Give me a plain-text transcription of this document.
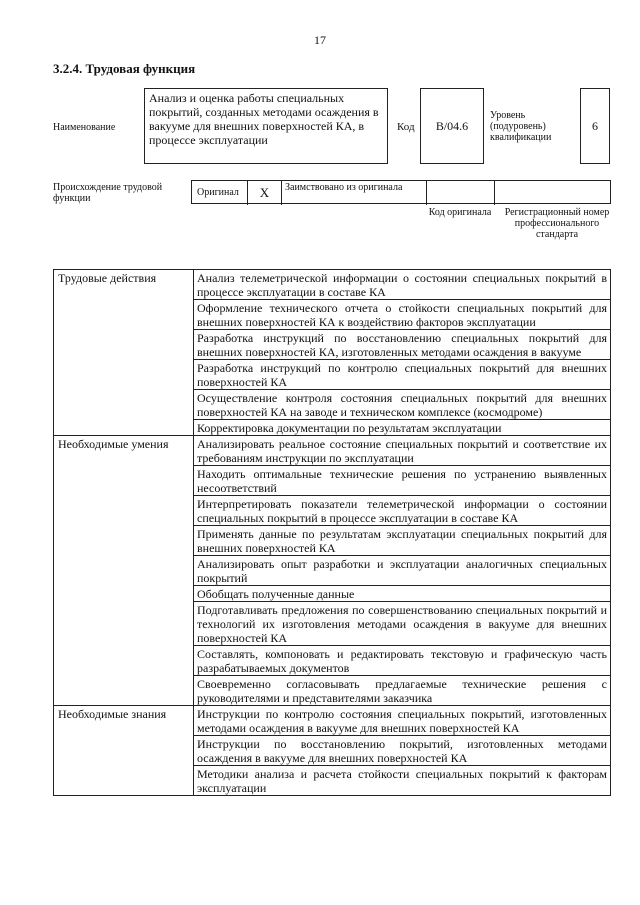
17
3.2.4. Трудовая функция
Наименование
Анализ и оценка работы специальных покрытий, созданных методами осаждения в вакууме для внешних поверхностей КА, в процессе эксплуатации
Код	B/04.6
Уровень (подуровень) квалификации
6
Происхождение трудовой функции
Оригинал	X	Заимствовано из оригинала
Код оригинала Регистрационный номер профессионального стандарта
Трудовые действия	Анализ телеметрической информации о состоянии специальных покрытий в процессе эксплуатации в составе КА
	Оформление технического отчета о стойкости специальных покрытий для внешних поверхностей КА к воздействию факторов эксплуатации
	Разработка инструкций по восстановлению специальных покрытий для внешних поверхностей КА, изготовленных методами осаждения в вакууме
	Разработка инструкций по контролю специальных покрытий для внешних поверхностей КА
	Осуществление контроля состояния специальных покрытий для внешних поверхностей КА на заводе и техническом комплексе (космодроме)
	Корректировка документации по результатам эксплуатации
Необходимые умения	Анализировать реальное состояние специальных покрытий и соответствие их требованиям инструкции по эксплуатации
	Находить оптимальные технические решения по устранению выявленных несоответствий
	Интерпретировать показатели телеметрической информации о состоянии специальных покрытий в процессе эксплуатации в составе КА
	Применять данные по результатам эксплуатации специальных покрытий для внешних поверхностей КА
	Анализировать опыт разработки и эксплуатации аналогичных специальных покрытий
	Обобщать полученные данные
	Подготавливать предложения по совершенствованию специальных покрытий и технологий их изготовления методами осаждения в вакууме для внешних поверхностей КА
	Составлять, компоновать и редактировать текстовую и графическую часть разрабатываемых документов
	Своевременно согласовывать предлагаемые технические решения с руководителями и представителями заказчика
Необходимые знания	Инструкции по контролю состояния специальных покрытий, изготовленных методами осаждения в вакууме для внешних поверхностей КА
	Инструкции по восстановлению покрытий, изготовленных методами осаждения в вакууме для внешних поверхностей КА
	Методики анализа и расчета стойкости специальных покрытий к факторам эксплуатации
